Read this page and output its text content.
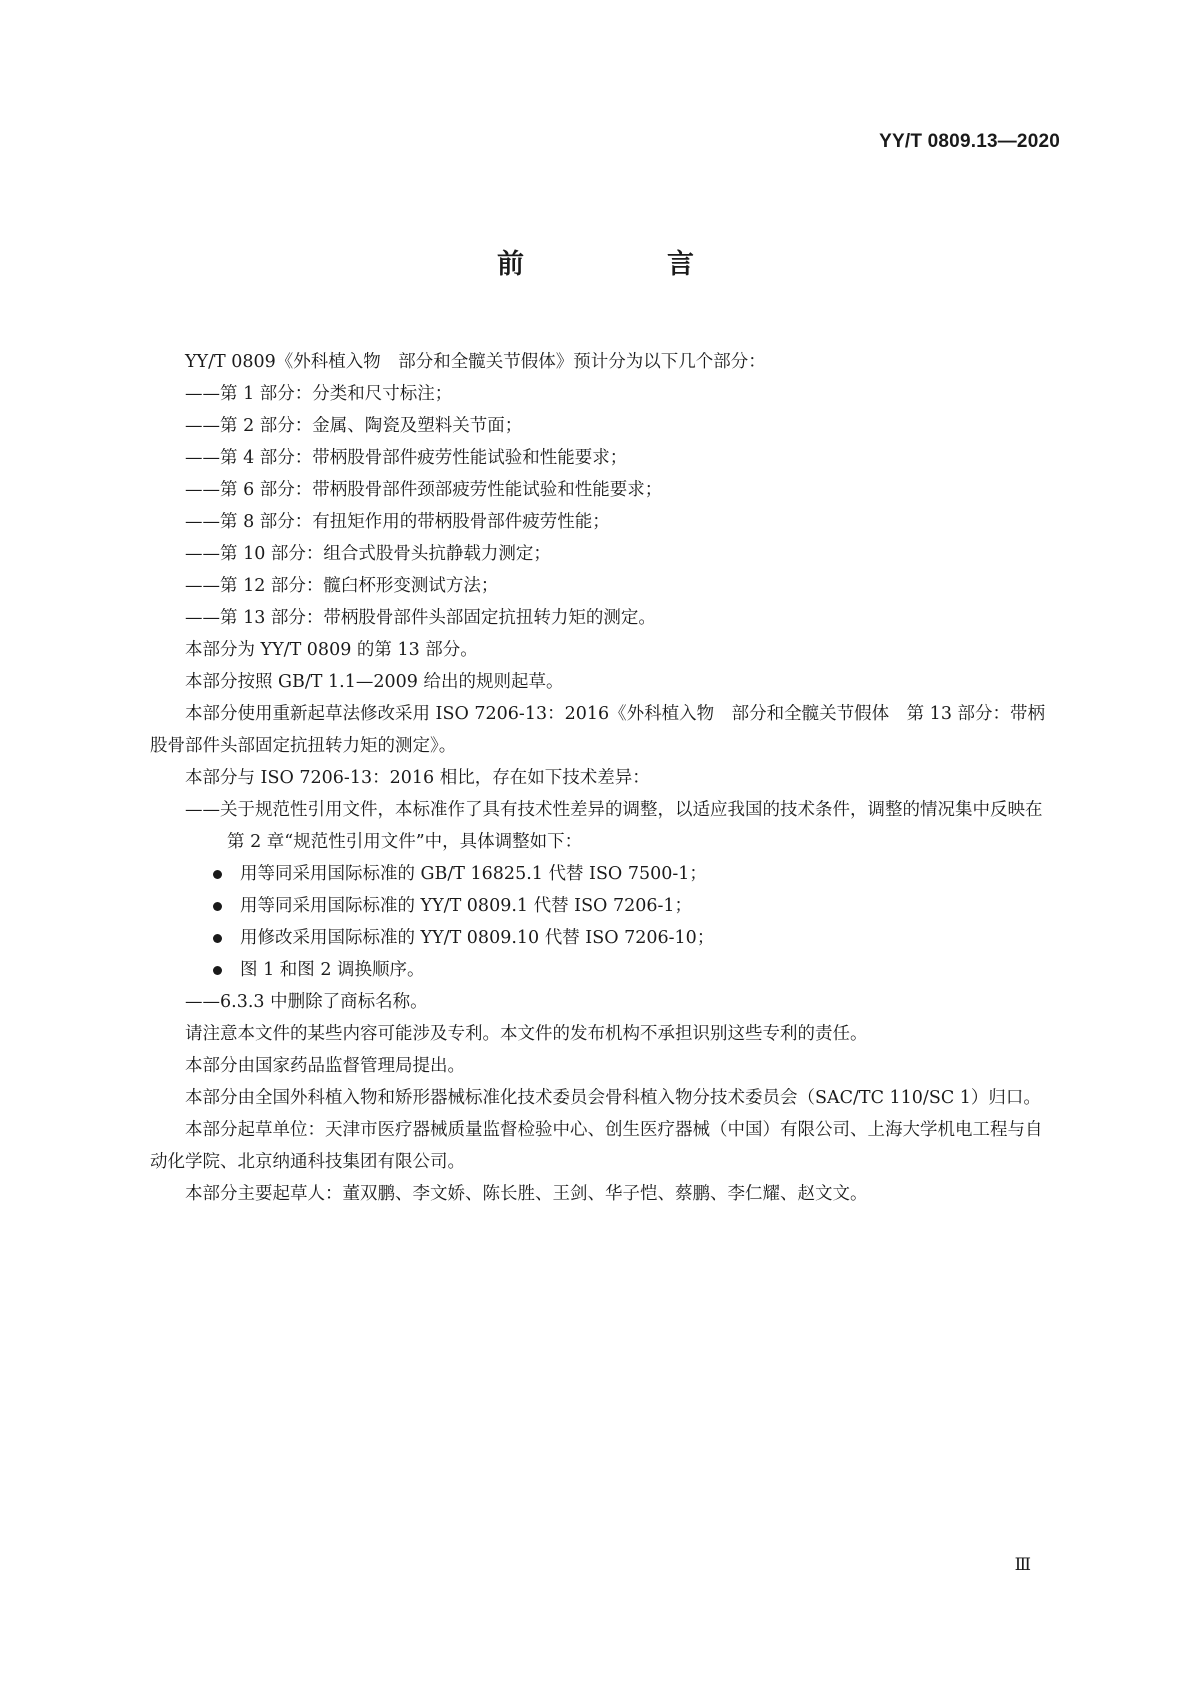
YY/T 0809.13—2020
前　言

YY/T 0809《外科植入物　部分和全髋关节假体》预计分为以下几个部分：

——第 1 部分：分类和尺寸标注；

——第 2 部分：金属、陶瓷及塑料关节面；

——第 4 部分：带柄股骨部件疲劳性能试验和性能要求；

——第 6 部分：带柄股骨部件颈部疲劳性能试验和性能要求；

——第 8 部分：有扭矩作用的带柄股骨部件疲劳性能；

——第 10 部分：组合式股骨头抗静载力测定；

——第 12 部分：髋臼杯形变测试方法；

——第 13 部分：带柄股骨部件头部固定抗扭转力矩的测定。

本部分为 YY/T 0809 的第 13 部分。

本部分按照 GB/T 1.1—2009 给出的规则起草。

本部分使用重新起草法修改采用 ISO 7206-13：2016《外科植入物　部分和全髋关节假体　第 13 部分：带柄股骨部件头部固定抗扭转力矩的测定》。

本部分与 ISO 7206-13：2016 相比，存在如下技术差异：

——关于规范性引用文件，本标准作了具有技术性差异的调整，以适应我国的技术条件，调整的情况集中反映在第 2 章“规范性引用文件”中，具体调整如下：

用等同采用国际标准的 GB/T 16825.1 代替 ISO 7500-1；
用等同采用国际标准的 YY/T 0809.1 代替 ISO 7206-1；
用修改采用国际标准的 YY/T 0809.10 代替 ISO 7206-10；
图 1 和图 2 调换顺序。

——6.3.3 中删除了商标名称。

请注意本文件的某些内容可能涉及专利。本文件的发布机构不承担识别这些专利的责任。

本部分由国家药品监督管理局提出。

本部分由全国外科植入物和矫形器械标准化技术委员会骨科植入物分技术委员会（SAC/TC 110/SC 1）归口。

本部分起草单位：天津市医疗器械质量监督检验中心、创生医疗器械（中国）有限公司、上海大学机电工程与自动化学院、北京纳通科技集团有限公司。

本部分主要起草人：董双鹏、李文娇、陈长胜、王剑、华子恺、蔡鹏、李仁耀、赵文文。

Ⅲ
